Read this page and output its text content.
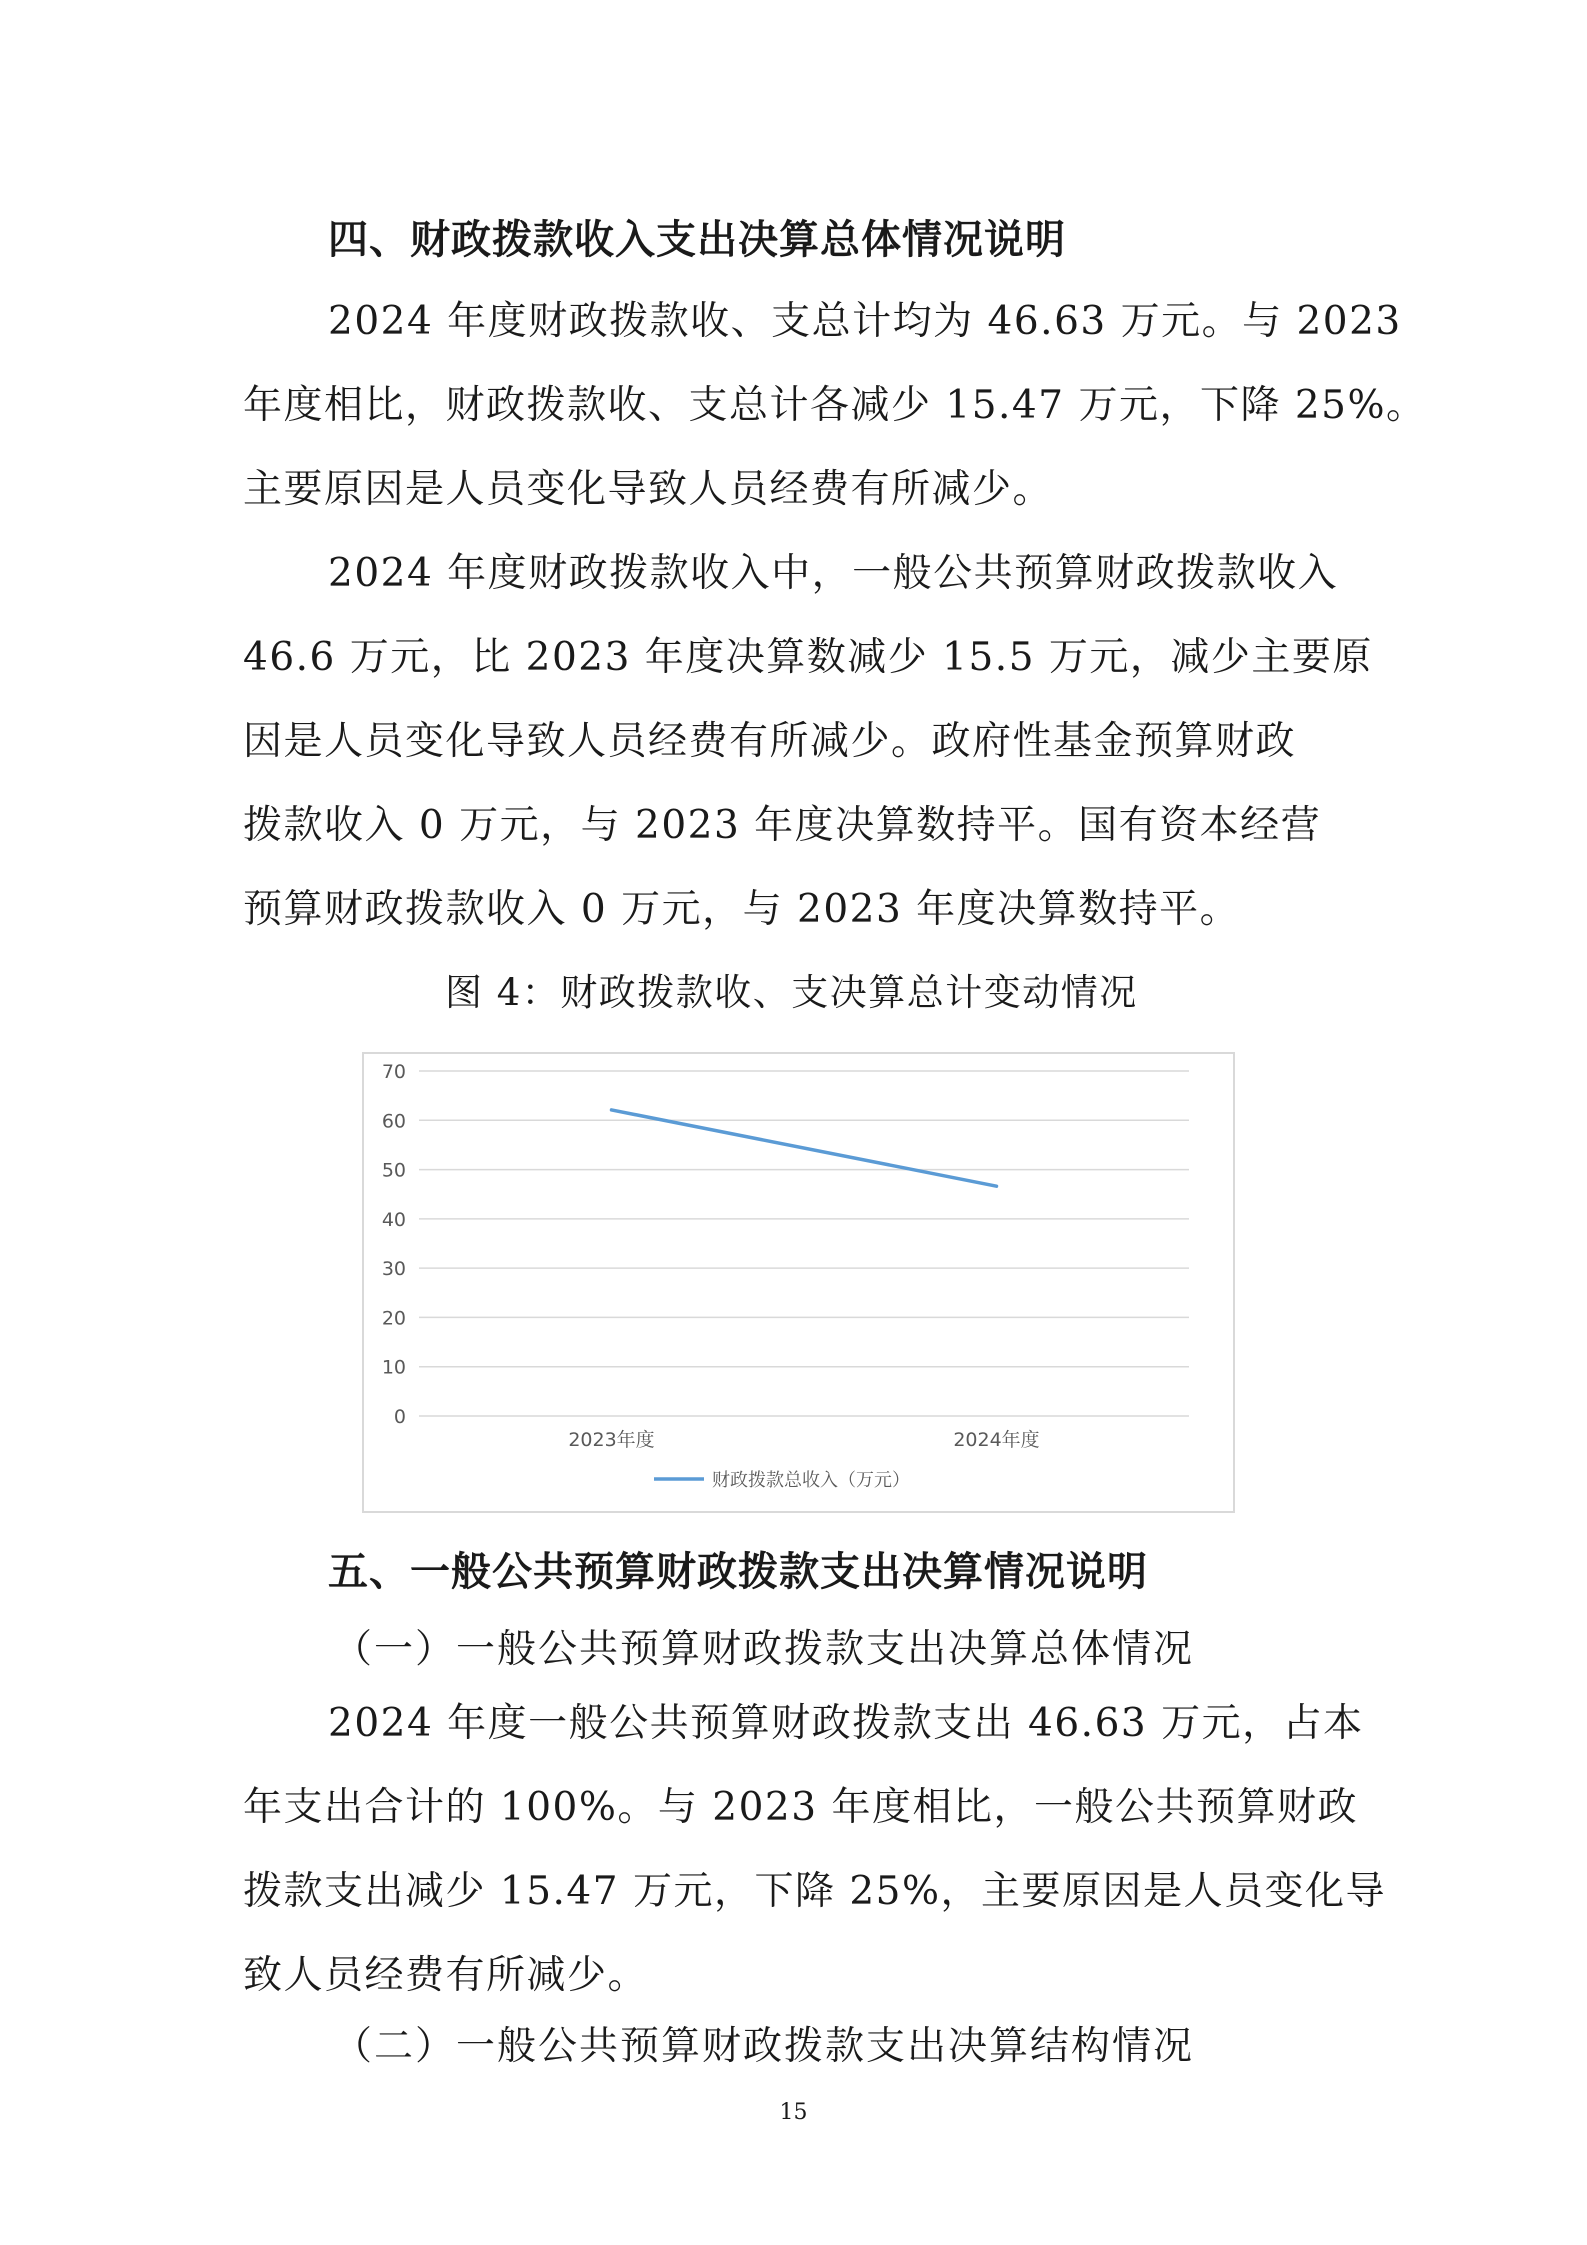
四、财政拨款收入支出决算总体情况说明
2024 年度财政拨款收、支总计均为 46.63 万元。与 2023
年度相比，财政拨款收、支总计各减少 15.47 万元，下降 25%。
主要原因是人员变化导致人员经费有所减少。
2024 年度财政拨款收入中，一般公共预算财政拨款收入
46.6 万元，比 2023 年度决算数减少 15.5 万元，减少主要原
因是人员变化导致人员经费有所减少。政府性基金预算财政
拨款收入 0 万元，与 2023 年度决算数持平。国有资本经营
预算财政拨款收入 0 万元，与 2023 年度决算数持平。
图 4：财政拨款收、支决算总计变动情况
0
10
20
30
40
50
60
70
2023年度	2024年度
财政拨款总收入（万元）
五、一般公共预算财政拨款支出决算情况说明
（一）一般公共预算财政拨款支出决算总体情况
2024 年度一般公共预算财政拨款支出 46.63 万元，占本
年支出合计的 100%。与 2023 年度相比，一般公共预算财政
拨款支出减少 15.47 万元，下降 25%，主要原因是人员变化导
致人员经费有所减少。
（二）一般公共预算财政拨款支出决算结构情况
15
